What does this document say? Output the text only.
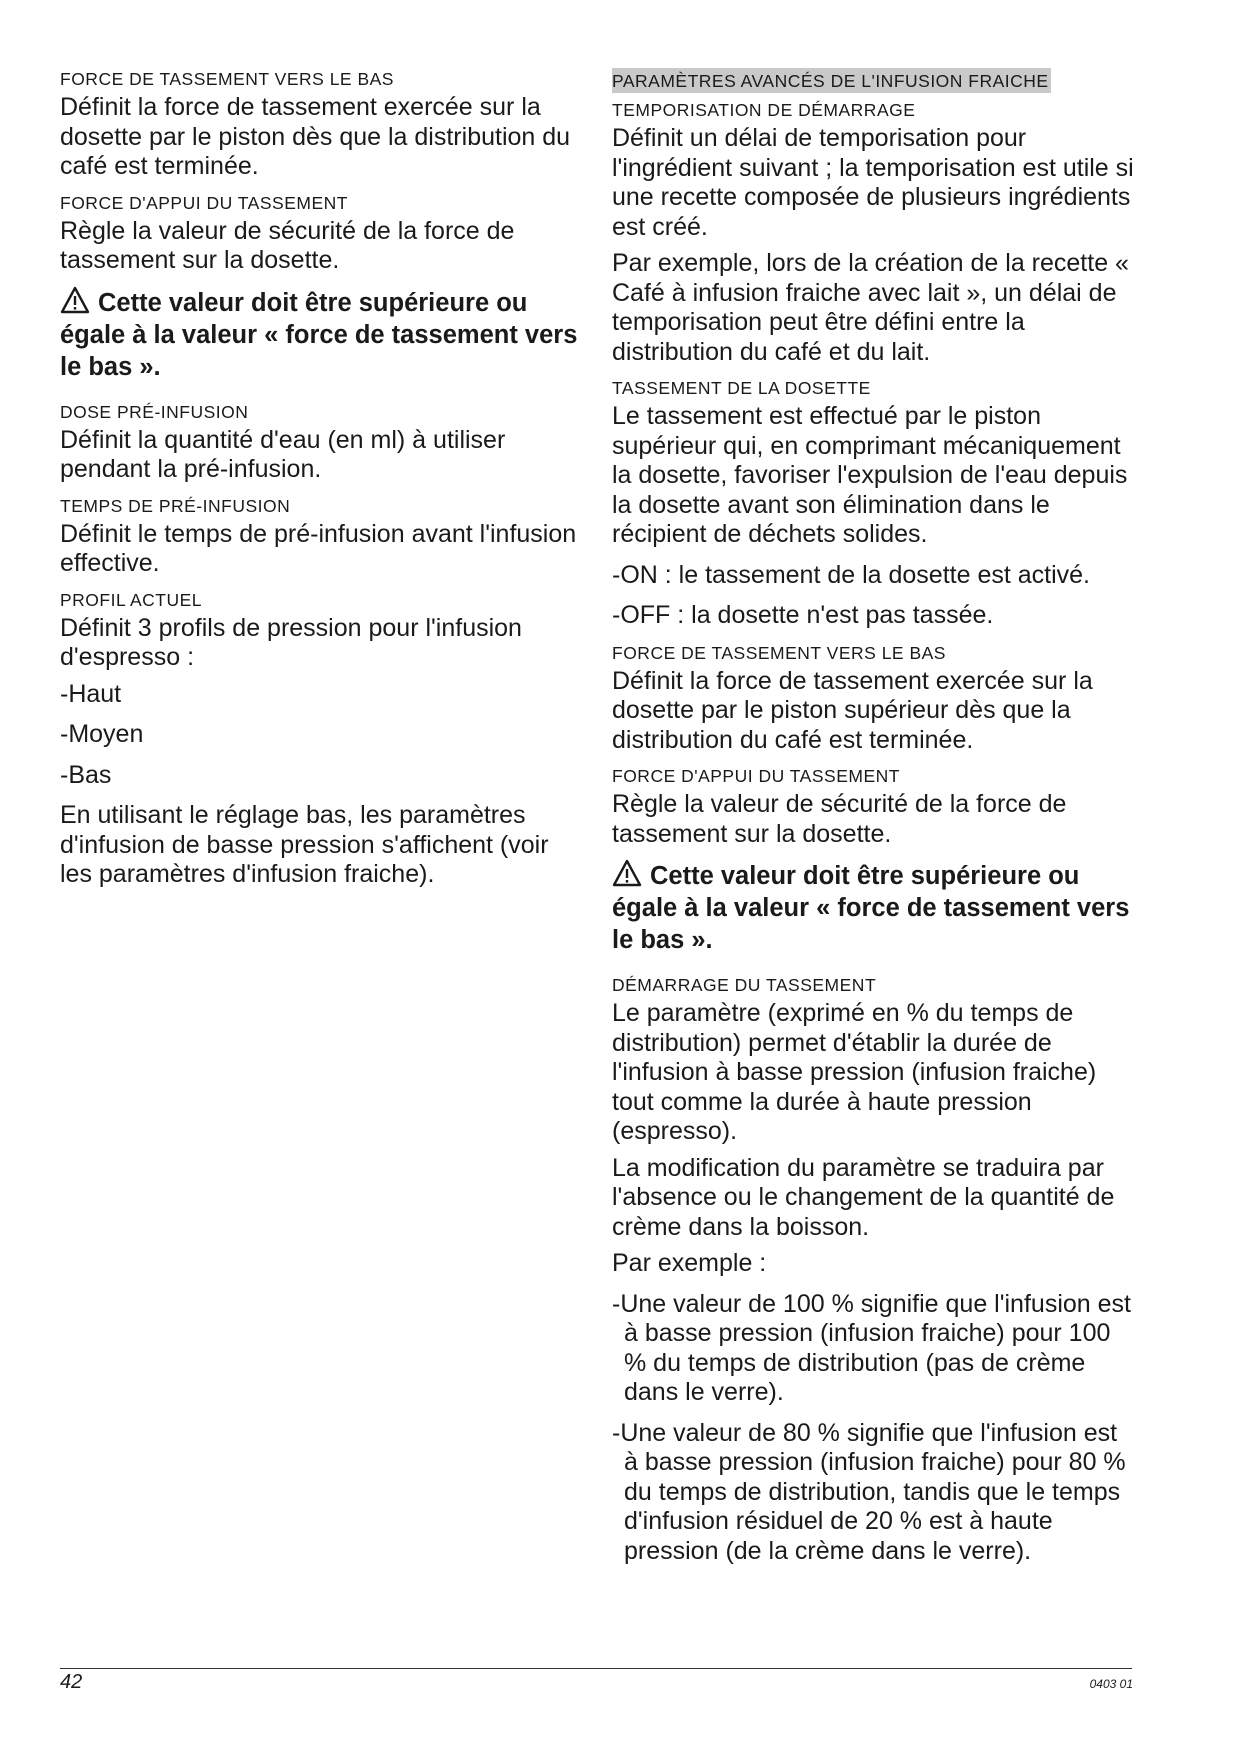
FORCE DE TASSEMENT VERS LE BAS
Définit la force de tassement exercée sur la dosette par le piston dès que la distribution du café est terminée.
FORCE D'APPUI DU TASSEMENT
Règle la valeur de sécurité de la force de tassement sur la dosette.
Cette valeur doit être supérieure ou égale à la valeur « force de tassement vers le bas ».
DOSE PRÉ-INFUSION
Définit la quantité d'eau (en ml) à utiliser pendant la pré-infusion.
TEMPS DE PRÉ-INFUSION
Définit le temps de pré-infusion avant l'infusion effective.
PROFIL ACTUEL
Définit 3 profils de pression pour l'infusion d'espresso :
-Haut
-Moyen
-Bas
En utilisant le réglage bas, les paramètres d'infusion de basse pression s'affichent (voir les paramètres d'infusion fraiche).
PARAMÈTRES AVANCÉS DE L'INFUSION FRAICHE
TEMPORISATION DE DÉMARRAGE
Définit un délai de temporisation pour l'ingrédient suivant ; la temporisation est utile si une recette composée de plusieurs ingrédients est créé.
Par exemple, lors de la création de la recette « Café à infusion fraiche avec lait », un délai de temporisation peut être défini entre la distribution du café et du lait.
TASSEMENT DE LA DOSETTE
Le tassement est effectué par le piston supérieur qui, en comprimant mécaniquement la dosette, favoriser l'expulsion de l'eau depuis la dosette avant son élimination dans le récipient de déchets solides.
-ON : le tassement de la dosette est activé.
-OFF : la dosette n'est pas tassée.
FORCE DE TASSEMENT VERS LE BAS
Définit la force de tassement exercée sur la dosette par le piston supérieur dès que la distribution du café est terminée.
FORCE D'APPUI DU TASSEMENT
Règle la valeur de sécurité de la force de tassement sur la dosette.
Cette valeur doit être supérieure ou égale à la valeur « force de tassement vers le bas ».
DÉMARRAGE DU TASSEMENT
Le paramètre (exprimé en % du temps de distribution) permet d'établir la durée de l'infusion à basse pression (infusion fraiche) tout comme la durée à haute pression (espresso).
La modification du paramètre se traduira par l'absence ou le changement de la quantité de crème dans la boisson.
Par exemple :
-Une valeur de 100 % signifie que l'infusion est à basse pression (infusion fraiche) pour 100 % du temps de distribution (pas de crème dans le verre).
-Une valeur de 80 % signifie que l'infusion est à basse pression (infusion fraiche) pour 80 % du temps de distribution, tandis que le temps d'infusion résiduel de 20 % est à haute pression (de la crème dans le verre).
42	0403 01
